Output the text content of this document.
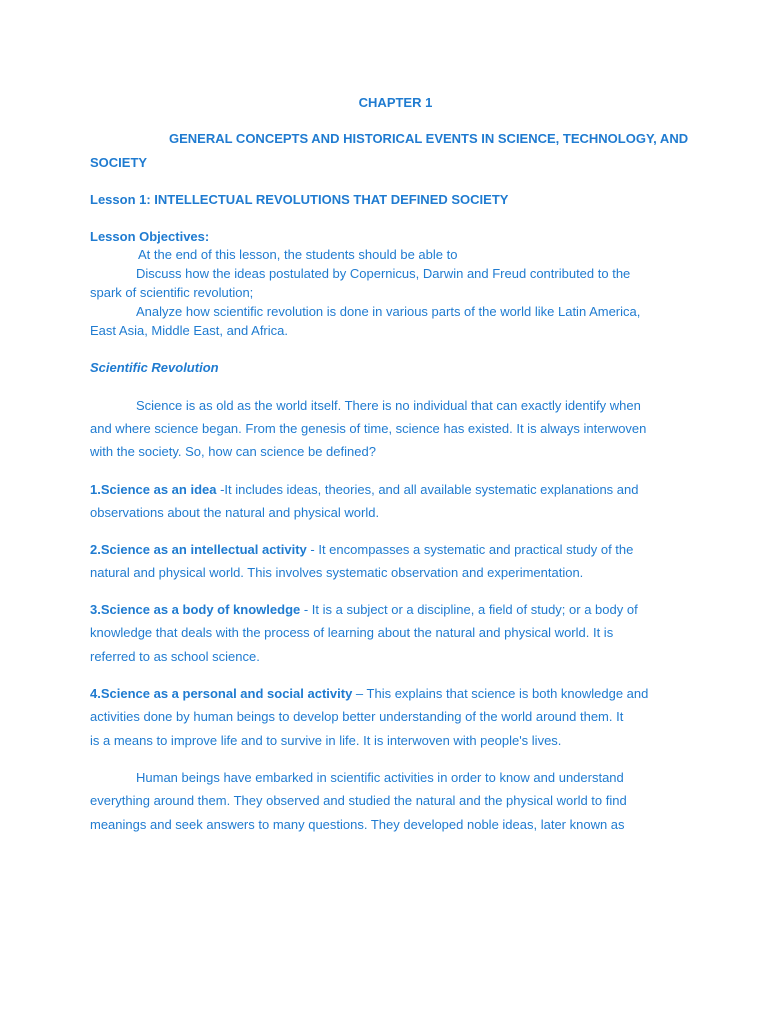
CHAPTER 1
GENERAL CONCEPTS AND HISTORICAL EVENTS IN SCIENCE, TECHNOLOGY, AND
SOCIETY
Lesson 1: INTELLECTUAL REVOLUTIONS THAT DEFINED SOCIETY
Lesson Objectives:
At the end of this lesson, the students should be able to
Discuss how the ideas postulated by Copernicus, Darwin and Freud contributed to the
spark of scientific revolution;
Analyze how scientific revolution is done in various parts of the world like Latin America,
East Asia, Middle East, and Africa.
Scientific Revolution
Science is as old as the world itself. There is no individual that can exactly identify when
and where science began. From the genesis of time, science has existed. It is always interwoven
with the society. So, how can science be defined?
1.Science as an idea -It includes ideas, theories, and all available systematic explanations and
observations about the natural and physical world.
2.Science as an intellectual activity - It encompasses a systematic and practical study of the
natural and physical world. This involves systematic observation and experimentation.
3.Science as a body of knowledge - It is a subject or a discipline, a field of study; or a body of
knowledge that deals with the process of learning about the natural and physical world. It is
referred to as school science.
4.Science as a personal and social activity – This explains that science is both knowledge and
activities done by human beings to develop better understanding of the world around them. It
is a means to improve life and to survive in life. It is interwoven with people's lives.
Human beings have embarked in scientific activities in order to know and understand
everything around them. They observed and studied the natural and the physical world to find
meanings and seek answers to many questions. They developed noble ideas, later known as
